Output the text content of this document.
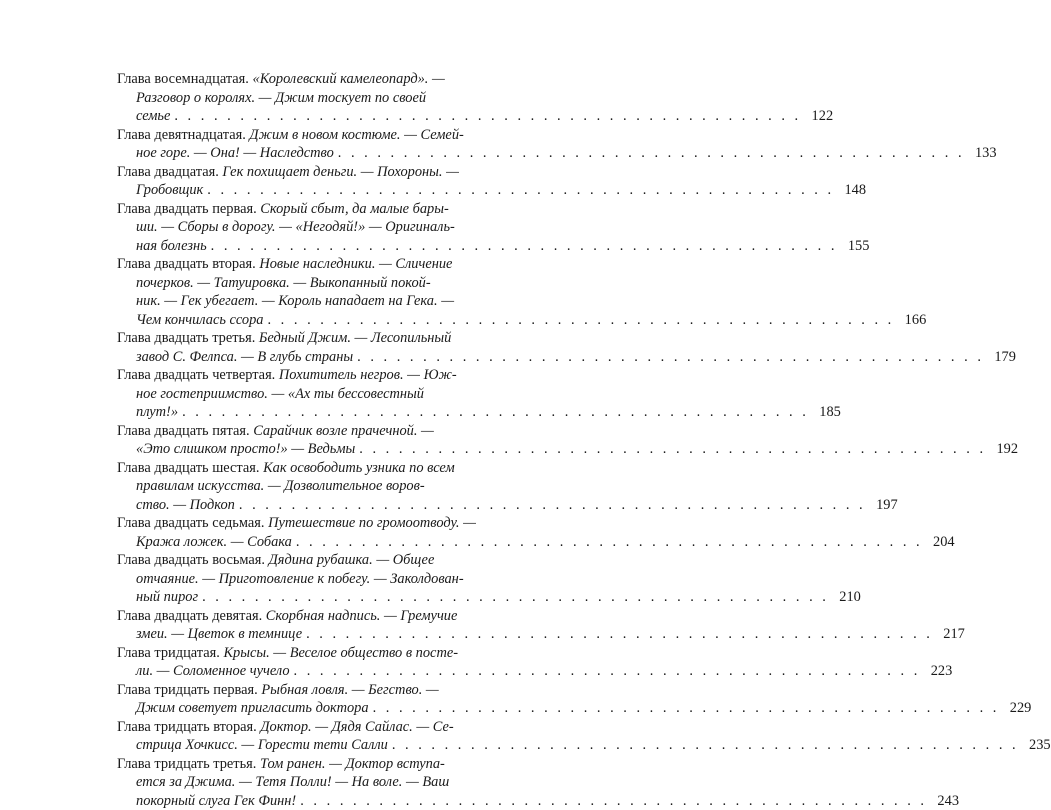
Глава восемнадцатая. «Королевский камелеопард». —
Разговор о королях. — Джим тоскует по своей
семье . . . . . . . . . . . . . . . . . . . . . . . . . . . . . . . . . . . . . . . . . . . . . . . . 122
Глава девятнадцатая. Джим в новом костюме. — Семей-
ное горе. — Она! — Наследство . . . . . . . . . . . . . . . . . . . . . . . . . . . . . . . . . . . . . . . . . . . . . . . . 133
Глава двадцатая. Гек похищает деньги. — Похороны. —
Гробовщик . . . . . . . . . . . . . . . . . . . . . . . . . . . . . . . . . . . . . . . . . . . . . . . . 148
Глава двадцать первая. Скорый сбыт, да малые бары-
ши. — Сборы в дорогу. — «Негодяй!» — Оригиналь-
ная болезнь . . . . . . . . . . . . . . . . . . . . . . . . . . . . . . . . . . . . . . . . . . . . . . . . 155
Глава двадцать вторая. Новые наследники. — Сличение
почерков. — Татуировка. — Выкопанный покой-
ник. — Гек убегает. — Король нападает на Гека. —
Чем кончилась ссора . . . . . . . . . . . . . . . . . . . . . . . . . . . . . . . . . . . . . . . . . . . . . . . . 166
Глава двадцать третья. Бедный Джим. — Лесопильный
завод С. Фелпса. — В глубь страны . . . . . . . . . . . . . . . . . . . . . . . . . . . . . . . . . . . . . . . . . . . . . . . . 179
Глава двадцать четвертая. Похититель негров. — Юж-
ное гостеприимство. — «Ах ты бессовестный
плут!» . . . . . . . . . . . . . . . . . . . . . . . . . . . . . . . . . . . . . . . . . . . . . . . . 185
Глава двадцать пятая. Сарайчик возле прачечной. —
«Это слишком просто!» — Ведьмы . . . . . . . . . . . . . . . . . . . . . . . . . . . . . . . . . . . . . . . . . . . . . . . . 192
Глава двадцать шестая. Как освободить узника по всем
правилам искусства. — Дозволительное воров-
ство. — Подкоп . . . . . . . . . . . . . . . . . . . . . . . . . . . . . . . . . . . . . . . . . . . . . . . . 197
Глава двадцать седьмая. Путешествие по громоотводу. —
Кража ложек. — Собака . . . . . . . . . . . . . . . . . . . . . . . . . . . . . . . . . . . . . . . . . . . . . . . . 204
Глава двадцать восьмая. Дядина рубашка. — Общее
отчаяние. — Приготовление к побегу. — Заколдован-
ный пирог . . . . . . . . . . . . . . . . . . . . . . . . . . . . . . . . . . . . . . . . . . . . . . . . 210
Глава двадцать девятая. Скорбная надпись. — Гремучие
змеи. — Цветок в темнице . . . . . . . . . . . . . . . . . . . . . . . . . . . . . . . . . . . . . . . . . . . . . . . . 217
Глава тридцатая. Крысы. — Веселое общество в посте-
ли. — Соломенное чучело . . . . . . . . . . . . . . . . . . . . . . . . . . . . . . . . . . . . . . . . . . . . . . . . 223
Глава тридцать первая. Рыбная ловля. — Бегство. —
Джим советует пригласить доктора . . . . . . . . . . . . . . . . . . . . . . . . . . . . . . . . . . . . . . . . . . . . . . . . 229
Глава тридцать вторая. Доктор. — Дядя Сайлас. — Се-
стрица Хочкисс. — Горести тети Салли . . . . . . . . . . . . . . . . . . . . . . . . . . . . . . . . . . . . . . . . . . . . . . . . 235
Глава тридцать третья. Том ранен. — Доктор вступа-
ется за Джима. — Тетя Полли! — На воле. — Ваш
покорный слуга Гек Финн! . . . . . . . . . . . . . . . . . . . . . . . . . . . . . . . . . . . . . . . . . . . . . . . . 243
